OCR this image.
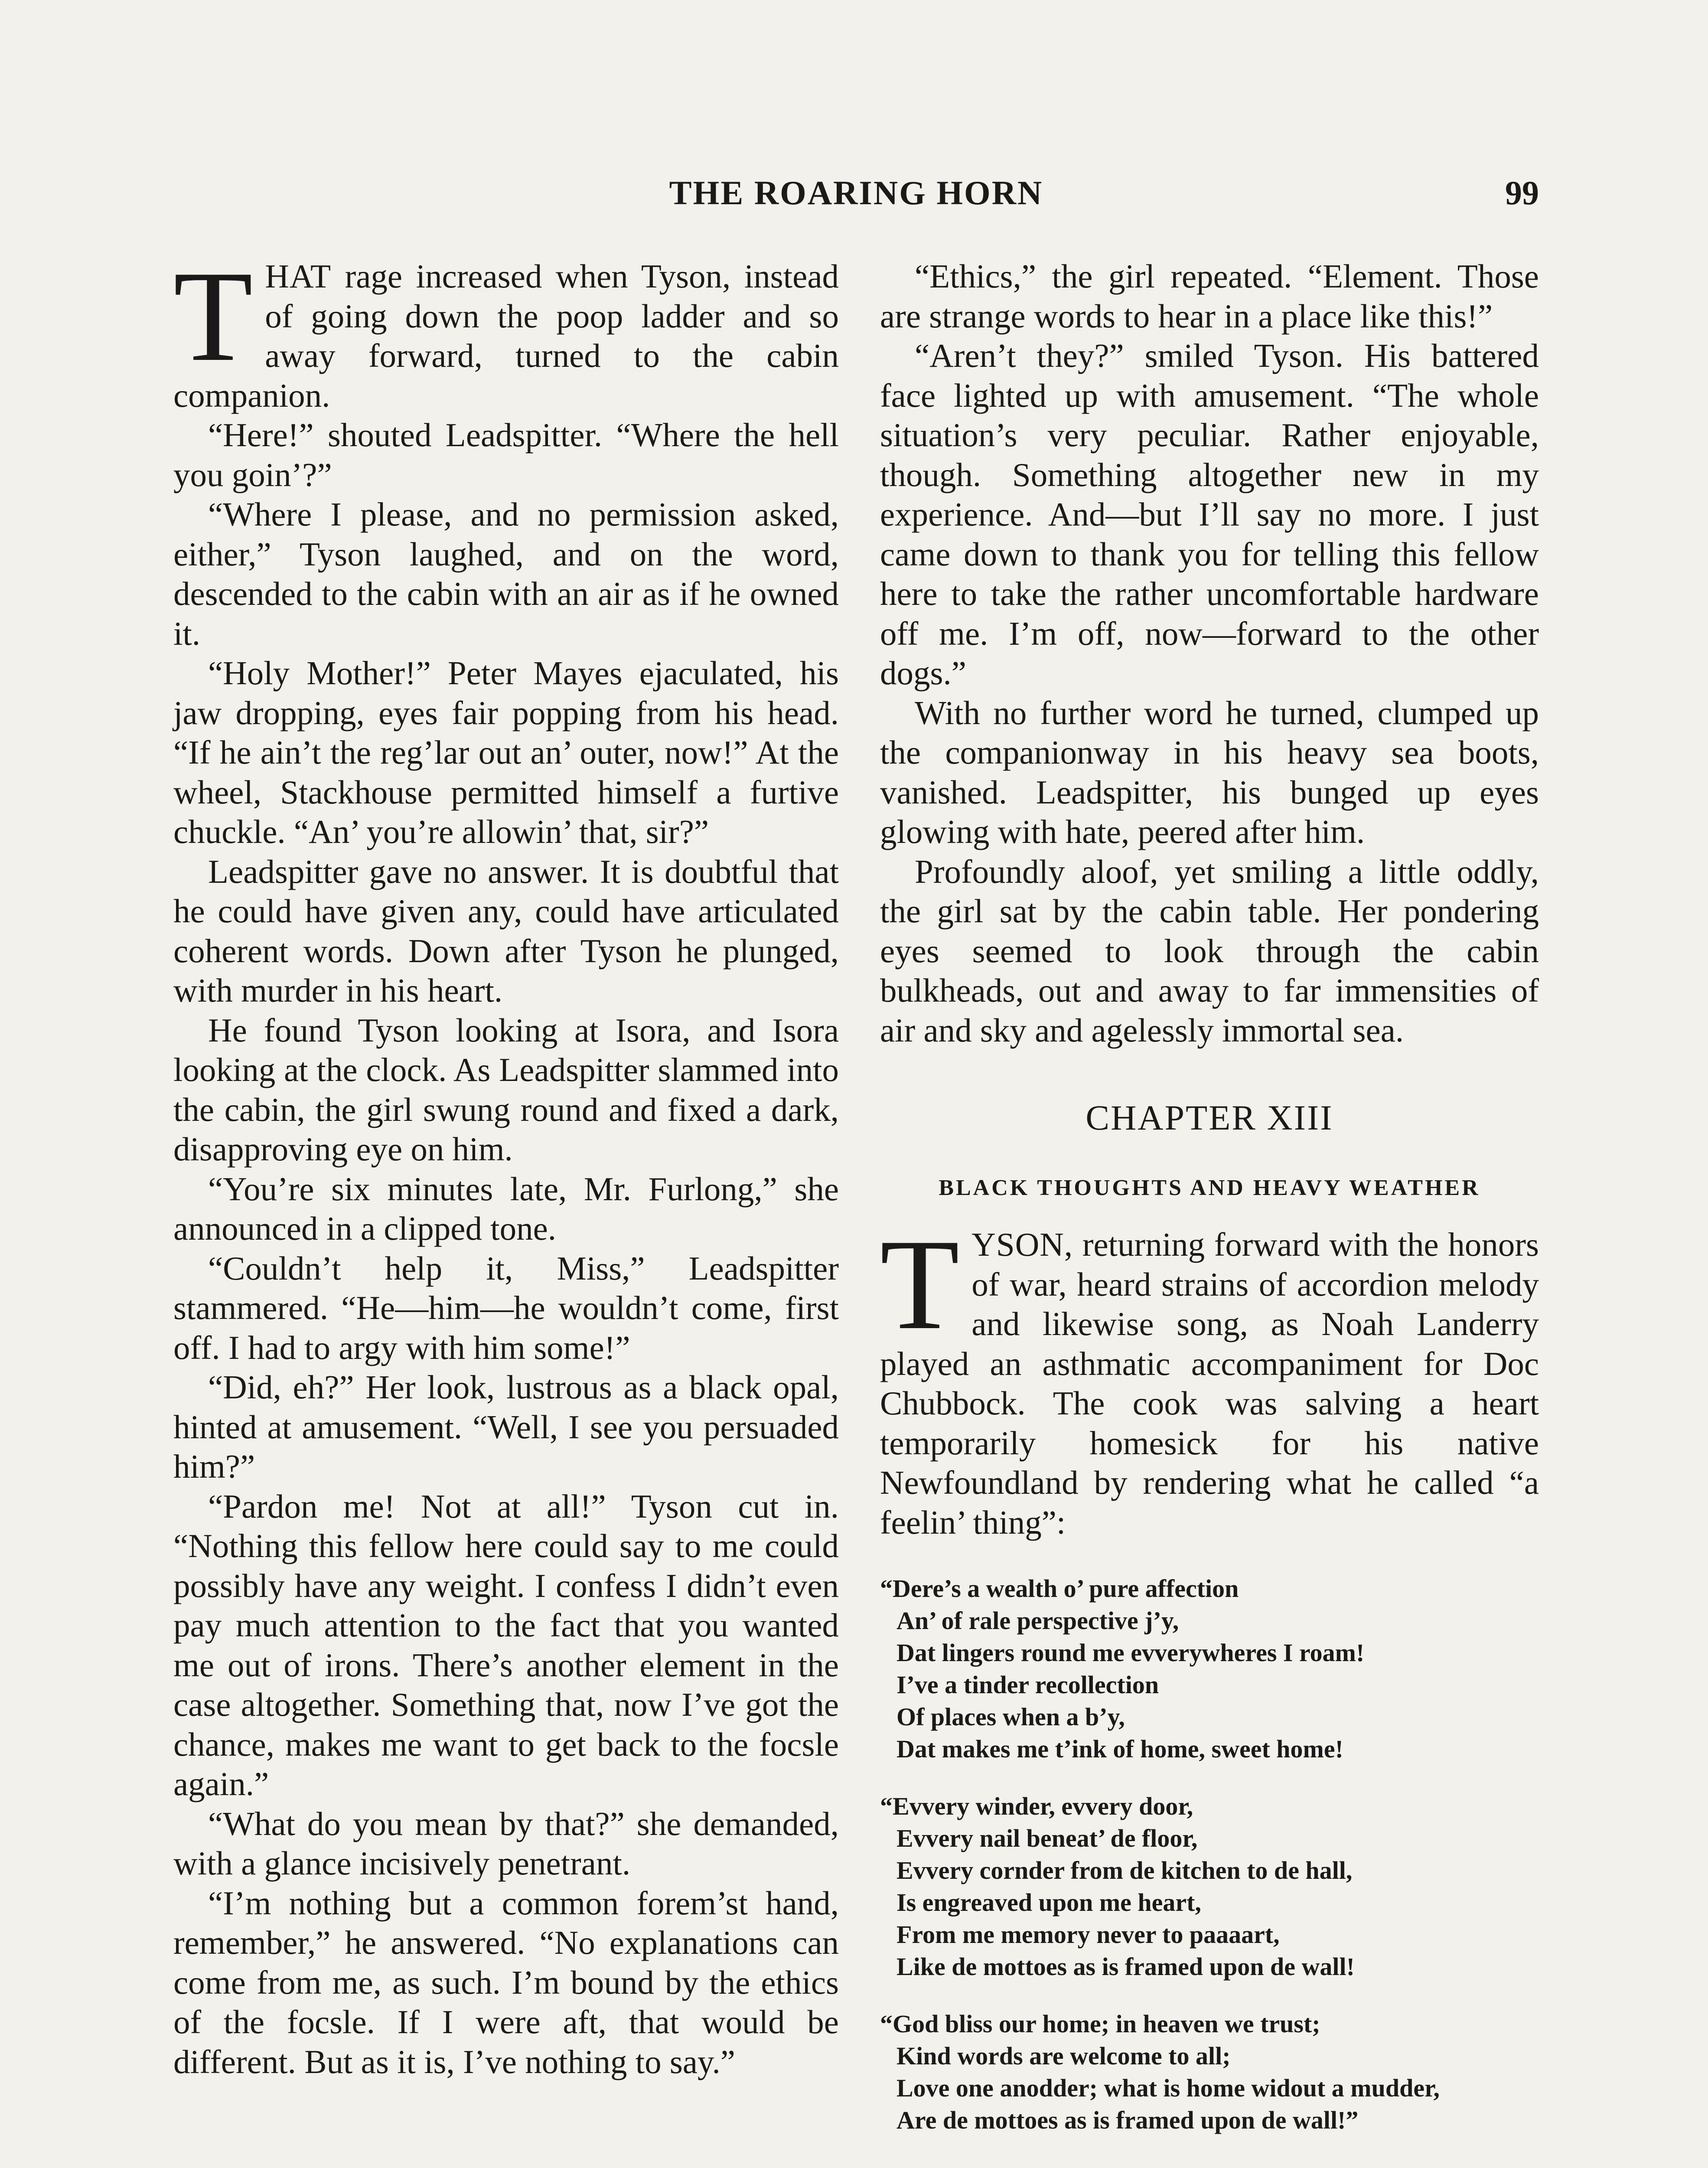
THE ROARING HORN	99

THAT rage increased when Tyson, instead of going down the poop ladder and so away forward, turned to the cabin companion.

“Here!” shouted Leadspitter. “Where the hell you goin’?”

“Where I please, and no permission asked, either,” Tyson laughed, and on the word, descended to the cabin with an air as if he owned it.

“Holy Mother!” Peter Mayes ejaculated, his jaw dropping, eyes fair popping from his head. “If he ain’t the reg’lar out an’ outer, now!” At the wheel, Stackhouse permitted himself a furtive chuckle. “An’ you’re allowin’ that, sir?”

Leadspitter gave no answer. It is doubtful that he could have given any, could have articulated coherent words. Down after Tyson he plunged, with murder in his heart.

He found Tyson looking at Isora, and Isora looking at the clock. As Leadspitter slammed into the cabin, the girl swung round and fixed a dark, disapproving eye on him.

“You’re six minutes late, Mr. Furlong,” she announced in a clipped tone.

“Couldn’t help it, Miss,” Leadspitter stammered. “He—him—he wouldn’t come, first off. I had to argy with him some!”

“Did, eh?” Her look, lustrous as a black opal, hinted at amusement. “Well, I see you persuaded him?”

“Pardon me! Not at all!” Tyson cut in. “Nothing this fellow here could say to me could possibly have any weight. I confess I didn’t even pay much attention to the fact that you wanted me out of irons. There’s another element in the case altogether. Something that, now I’ve got the chance, makes me want to get back to the focsle again.”

“What do you mean by that?” she demanded, with a glance incisively penetrant.

“I’m nothing but a common forem’st hand, remember,” he answered. “No explanations can come from me, as such. I’m bound by the ethics of the focsle. If I were aft, that would be different. But as it is, I’ve nothing to say.”

“Ethics,” the girl repeated. “Element. Those are strange words to hear in a place like this!”

“Aren’t they?” smiled Tyson. His battered face lighted up with amusement. “The whole situation’s very peculiar. Rather enjoyable, though. Something altogether new in my experience. And—but I’ll say no more. I just came down to thank you for telling this fellow here to take the rather uncomfortable hardware off me. I’m off, now—forward to the other dogs.”

With no further word he turned, clumped up the companionway in his heavy sea boots, vanished. Leadspitter, his bunged up eyes glowing with hate, peered after him.

Profoundly aloof, yet smiling a little oddly, the girl sat by the cabin table. Her pondering eyes seemed to look through the cabin bulkheads, out and away to far immensities of air and sky and agelessly immortal sea.

CHAPTER XIII
BLACK THOUGHTS AND HEAVY WEATHER

TYSON, returning forward with the honors of war, heard strains of accordion melody and likewise song, as Noah Landerry played an asthmatic accompaniment for Doc Chubbock. The cook was salving a heart temporarily homesick for his native Newfoundland by rendering what he called “a feelin’ thing”:

“Dere’s a wealth o’ pure affection
An’ of rale perspective j’y,
Dat lingers round me evverywheres I roam!
I’ve a tinder recollection
Of places when a b’y,
Dat makes me t’ink of home, sweet home!
“Evvery winder, evvery door,
Evvery nail beneat’ de floor,
Evvery cornder from de kitchen to de hall,
Is engreaved upon me heart,
From me memory never to paaaart,
Like de mottoes as is framed upon de wall!
“God bliss our home; in heaven we trust;
Kind words are welcome to all;
Love one anodder; what is home widout a mudder,
Are de mottoes as is framed upon de wall!”
